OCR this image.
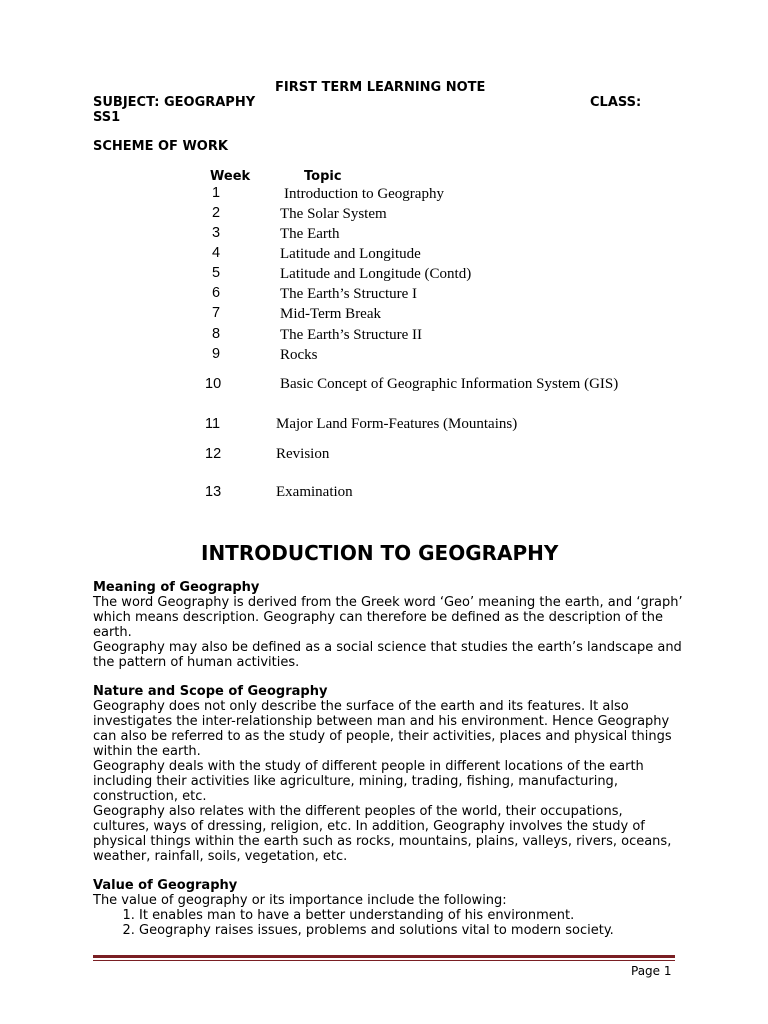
FIRST TERM LEARNING NOTE
SUBJECT: GEOGRAPHY	CLASS:
SS1
SCHEME OF WORK
Week	Topic
1	Introduction to Geography
2	The Solar System
3	The Earth
4	Latitude and Longitude
5	Latitude and Longitude (Contd)
6	The Earth’s Structure I
7	Mid-Term Break
8	The Earth’s Structure II
9	Rocks
10	Basic Concept of Geographic Information System (GIS)
11	Major Land Form-Features (Mountains)
12	Revision
13	Examination
INTRODUCTION TO GEOGRAPHY

Meaning of Geography

The word Geography is derived from the Greek word ‘Geo’ meaning the earth, and ‘graph’ which means description. Geography can therefore be defined as the description of the earth.

Geography may also be defined as a social science that studies the earth’s landscape and the pattern of human activities.

Nature and Scope of Geography

Geography does not only describe the surface of the earth and its features. It also investigates the inter-relationship between man and his environment. Hence Geography can also be referred to as the study of people, their activities, places and physical things within the earth.

Geography deals with the study of different people in different locations of the earth including their activities like agriculture, mining, trading, fishing, manufacturing, construction, etc.

Geography also relates with the different peoples of the world, their occupations, cultures, ways of dressing, religion, etc. In addition, Geography involves the study of physical things within the earth such as rocks, mountains, plains, valleys, rivers, oceans, weather, rainfall, soils, vegetation, etc.

Value of Geography

The value of geography or its importance include the following:

1. It enables man to have a better understanding of his environment.
2. Geography raises issues, problems and solutions vital to modern society.
Page 1
